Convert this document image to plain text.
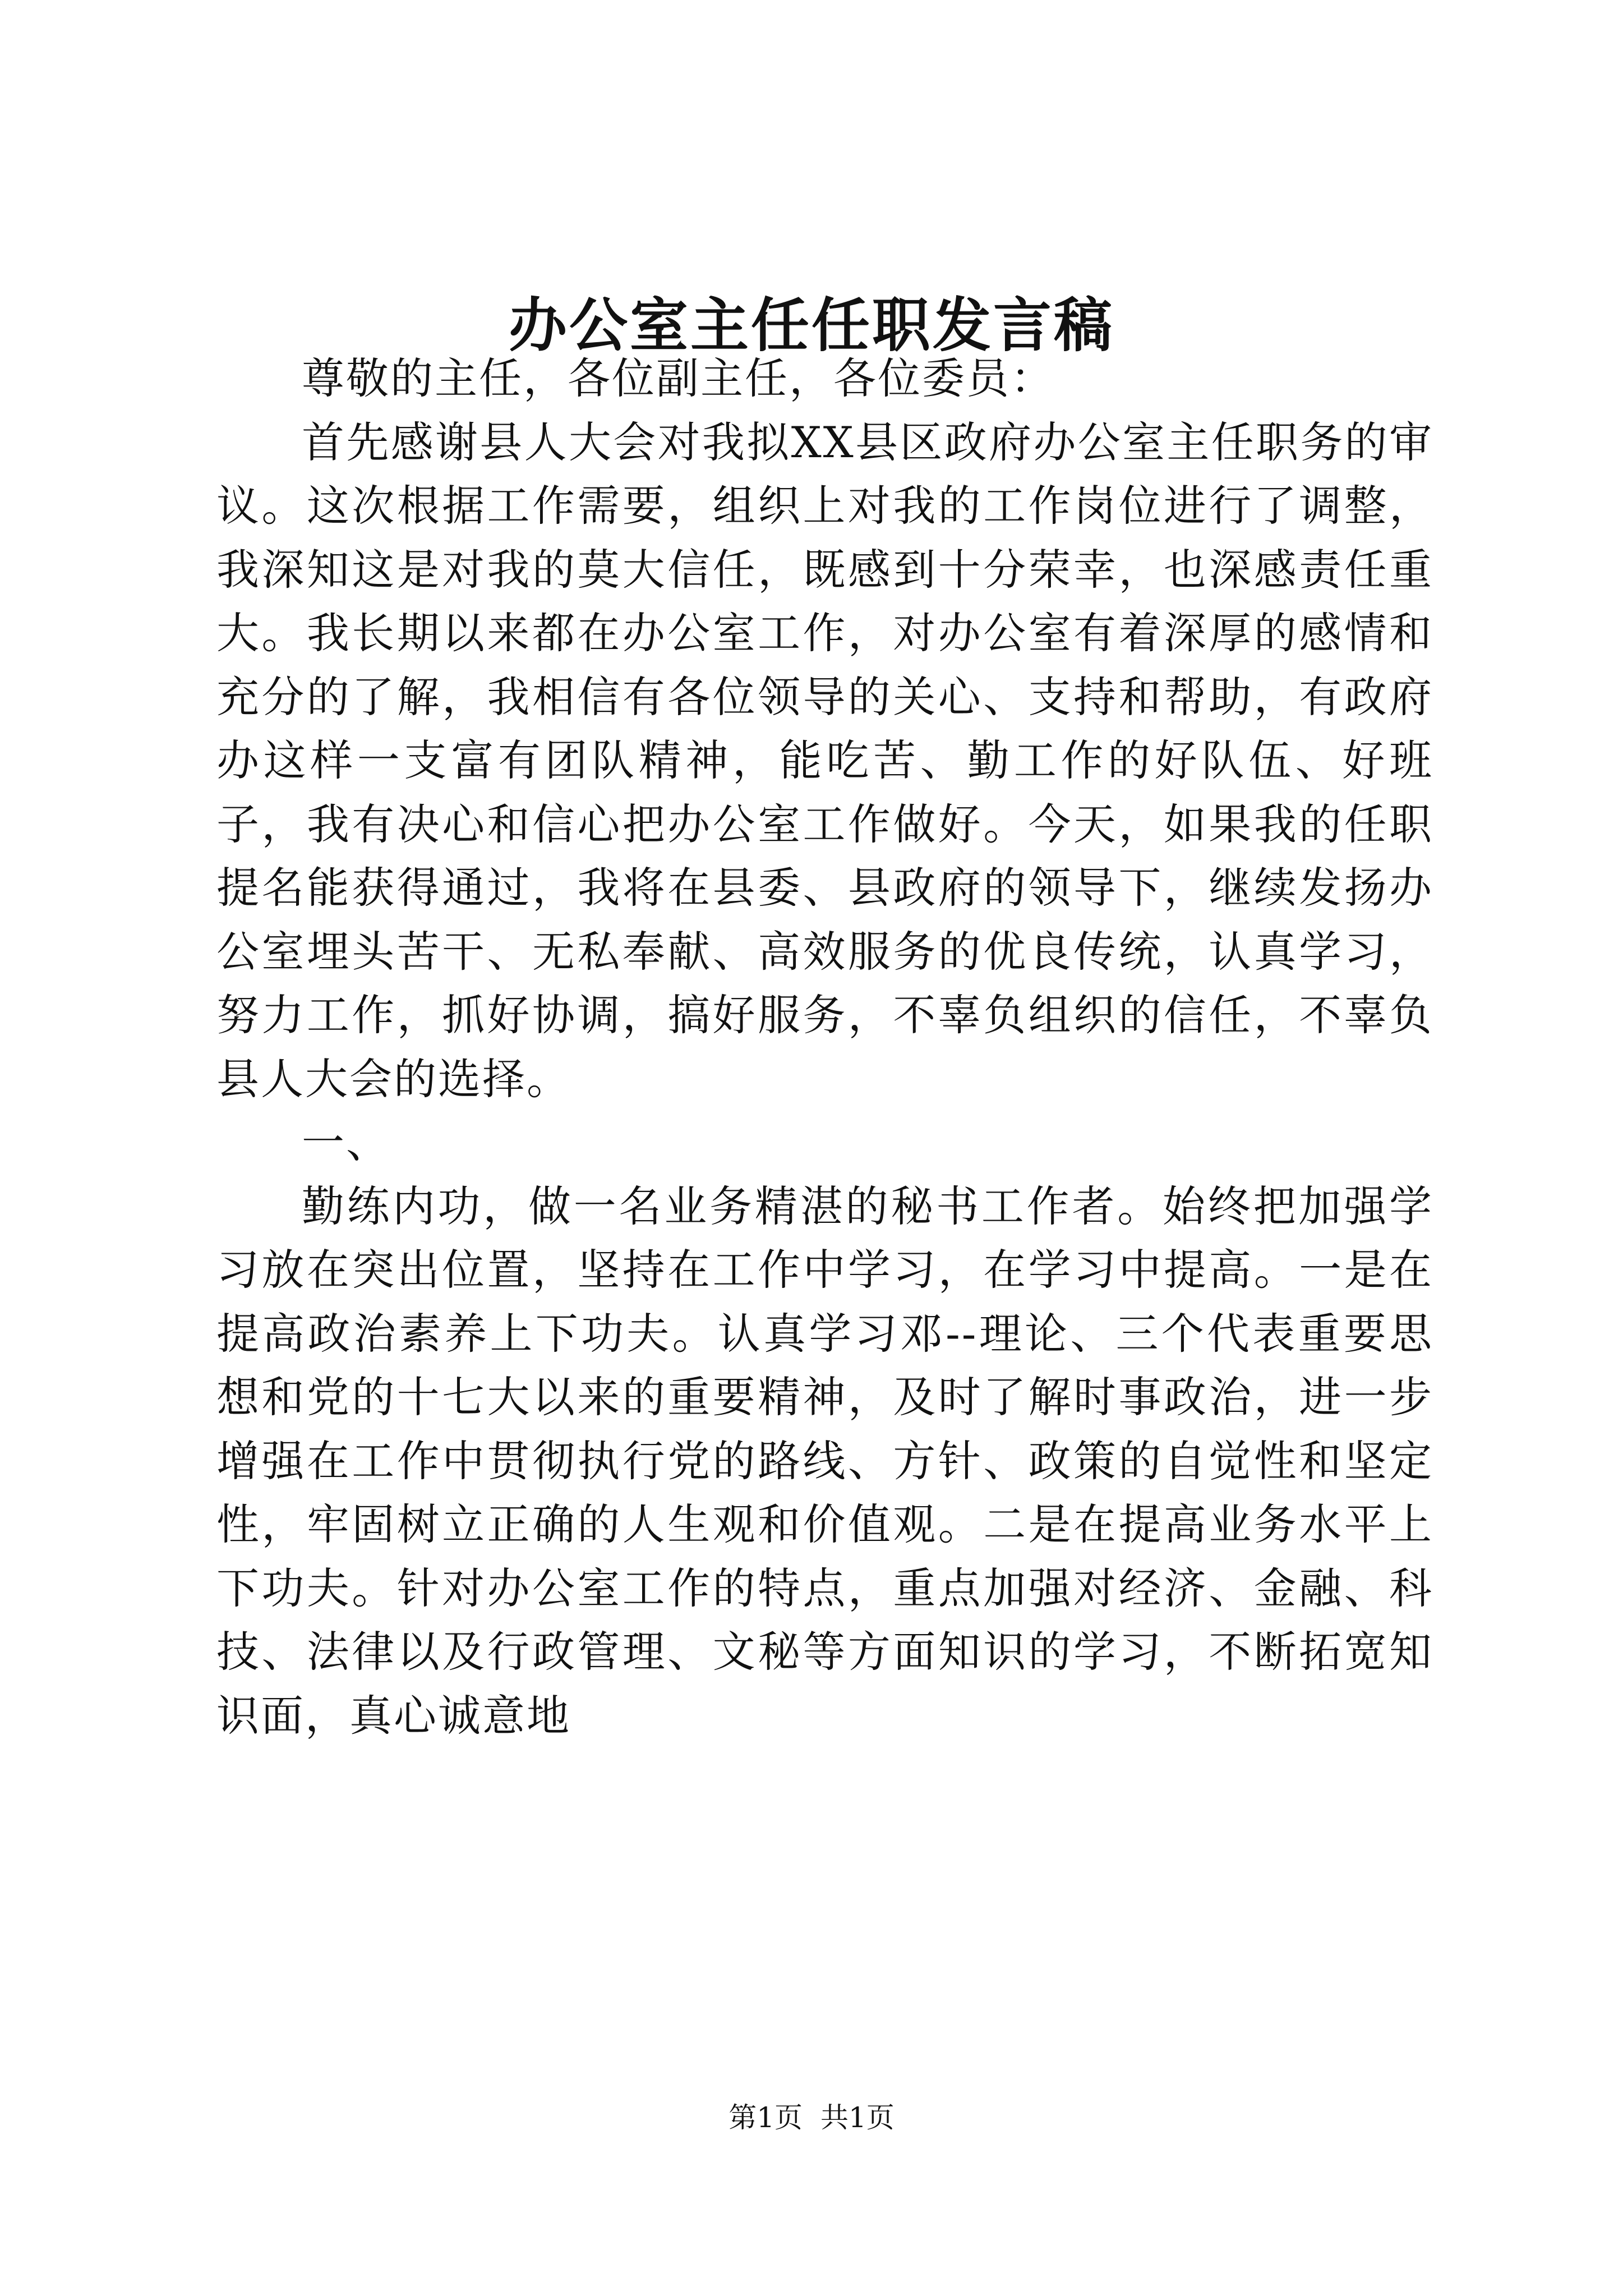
办公室主任任职发言稿

尊敬的主任，各位副主任，各位委员：

首先感谢县人大会对我拟XX县区政府办公室主任职务的审议。这次根据工作需要，组织上对我的工作岗位进行了调整，我深知这是对我的莫大信任，既感到十分荣幸，也深感责任重大。我长期以来都在办公室工作，对办公室有着深厚的感情和充分的了解，我相信有各位领导的关心、支持和帮助，有政府办这样一支富有团队精神，能吃苦、勤工作的好队伍、好班子，我有决心和信心把办公室工作做好。今天，如果我的任职提名能获得通过，我将在县委、县政府的领导下，继续发扬办公室埋头苦干、无私奉献、高效服务的优良传统，认真学习，努力工作，抓好协调，搞好服务，不辜负组织的信任，不辜负县人大会的选择。

一、

勤练内功，做一名业务精湛的秘书工作者。始终把加强学习放在突出位置，坚持在工作中学习，在学习中提高。一是在提高政治素养上下功夫。认真学习邓--理论、三个代表重要思想和党的十七大以来的重要精神，及时了解时事政治，进一步增强在工作中贯彻执行党的路线、方针、政策的自觉性和坚定性，牢固树立正确的人生观和价值观。二是在提高业务水平上下功夫。针对办公室工作的特点，重点加强对经济、金融、科技、法律以及行政管理、文秘等方面知识的学习，不断拓宽知识面，真心诚意地

第1页 共1页
